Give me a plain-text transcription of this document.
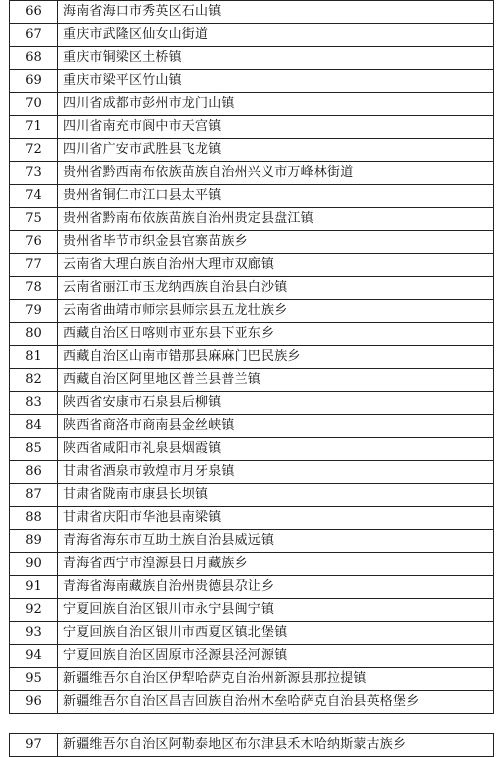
66	海南省海口市秀英区石山镇
67	重庆市武隆区仙女山街道
68	重庆市铜梁区土桥镇
69	重庆市梁平区竹山镇
70	四川省成都市彭州市龙门山镇
71	四川省南充市阆中市天宫镇
72	四川省广安市武胜县飞龙镇
73	贵州省黔西南布依族苗族自治州兴义市万峰林街道
74	贵州省铜仁市江口县太平镇
75	贵州省黔南布依族苗族自治州贵定县盘江镇
76	贵州省毕节市织金县官寨苗族乡
77	云南省大理白族自治州大理市双廊镇
78	云南省丽江市玉龙纳西族自治县白沙镇
79	云南省曲靖市师宗县师宗县五龙壮族乡
80	西藏自治区日喀则市亚东县下亚东乡
81	西藏自治区山南市错那县麻麻门巴民族乡
82	西藏自治区阿里地区普兰县普兰镇
83	陕西省安康市石泉县后柳镇
84	陕西省商洛市商南县金丝峡镇
85	陕西省咸阳市礼泉县烟霞镇
86	甘肃省酒泉市敦煌市月牙泉镇
87	甘肃省陇南市康县长坝镇
88	甘肃省庆阳市华池县南梁镇
89	青海省海东市互助土族自治县威远镇
90	青海省西宁市湟源县日月藏族乡
91	青海省海南藏族自治州贵德县尕让乡
92	宁夏回族自治区银川市永宁县闽宁镇
93	宁夏回族自治区银川市西夏区镇北堡镇
94	宁夏回族自治区固原市泾源县泾河源镇
95	新疆维吾尔自治区伊犁哈萨克自治州新源县那拉提镇
96	新疆维吾尔自治区昌吉回族自治州木垒哈萨克自治县英格堡乡
97	新疆维吾尔自治区阿勒泰地区布尔津县禾木哈纳斯蒙古族乡
